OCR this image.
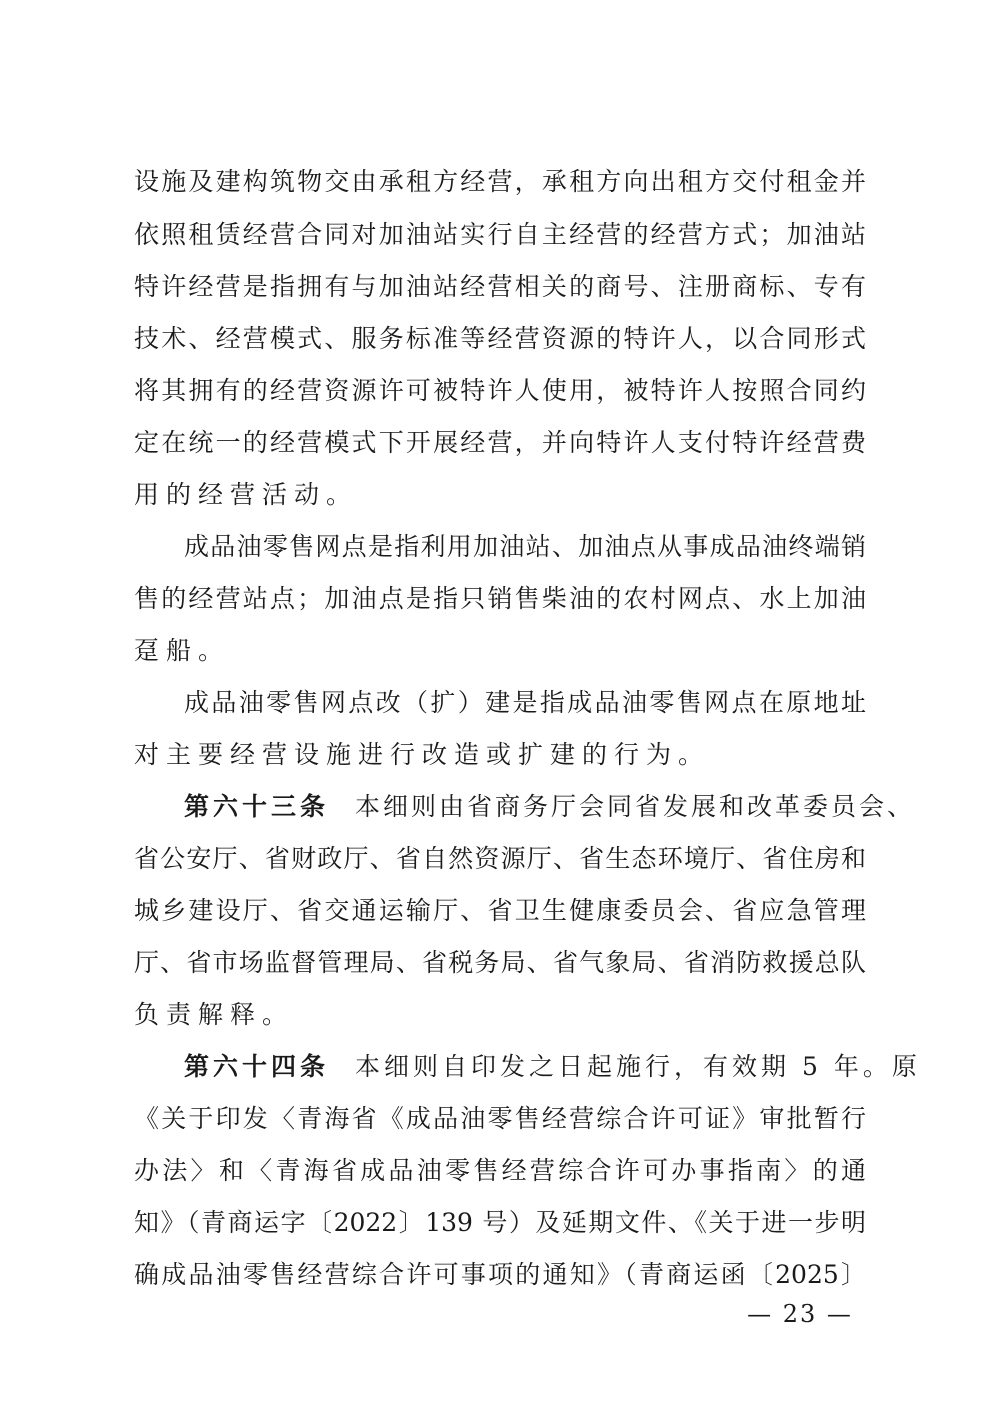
设施及建构筑物交由承租方经营，承租方向出租方交付租金并
依照租赁经营合同对加油站实行自主经营的经营方式；加油站
特许经营是指拥有与加油站经营相关的商号、注册商标、专有
技术、经营模式、服务标准等经营资源的特许人，以合同形式
将其拥有的经营资源许可被特许人使用，被特许人按照合同约
定在统一的经营模式下开展经营，并向特许人支付特许经营费
用的经营活动。
成品油零售网点是指利用加油站、加油点从事成品油终端销
售的经营站点；加油点是指只销售柴油的农村网点、水上加油
趸船。
成品油零售网点改（扩）建是指成品油零售网点在原地址
对主要经营设施进行改造或扩建的行为。
第六十三条 本细则由省商务厅会同省发展和改革委员会、
省公安厅、省财政厅、省自然资源厅、省生态环境厅、省住房和
城乡建设厅、省交通运输厅、省卫生健康委员会、省应急管理
厅、省市场监督管理局、省税务局、省气象局、省消防救援总队
负责解释。
第六十四条 本细则自印发之日起施行，有效期 5 年。原
《关于印发〈青海省《成品油零售经营综合许可证》审批暂行
办法〉和〈青海省成品油零售经营综合许可办事指南〉的通
知》（青商运字〔2022〕139 号）及延期文件、《关于进一步明
确成品油零售经营综合许可事项的通知》（青商运函〔2025〕
— 23 —
